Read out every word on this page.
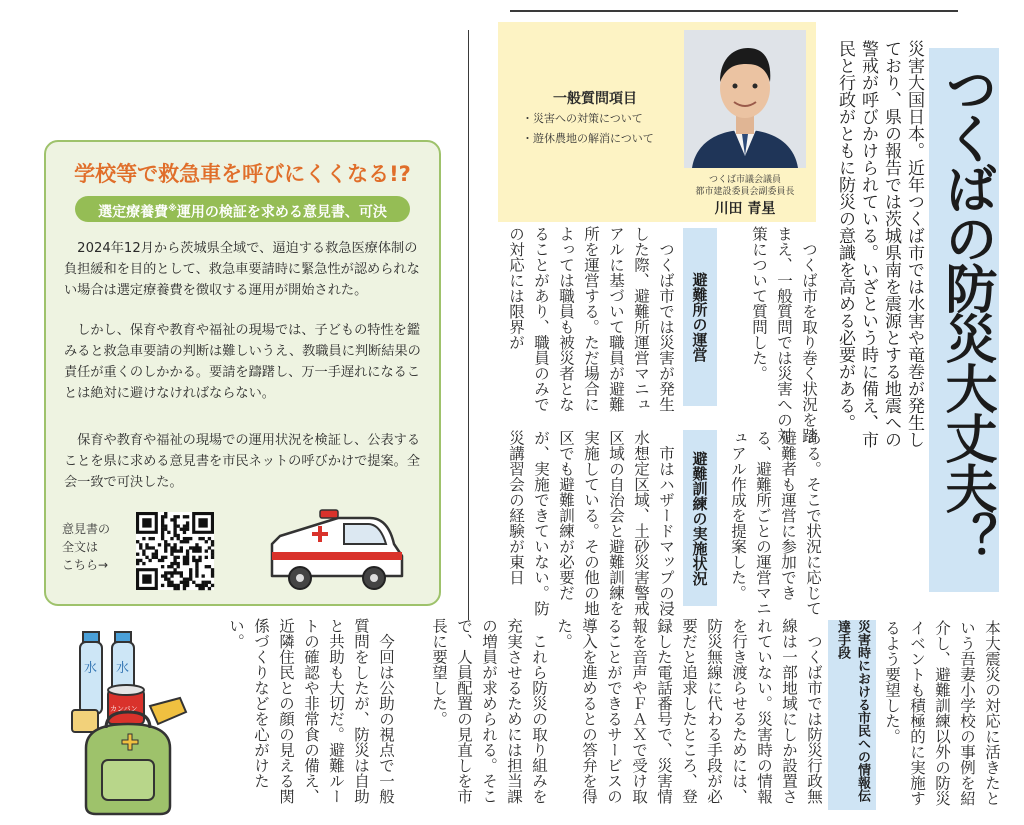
つくばの防災大丈夫？
災害大国日本。近年つくば市では水害や竜巻が発生しており、県の報告では茨城県南を震源とする地震への警戒が呼びかけられている。いざという時に備え、市民と行政がともに防災の意識を高める必要がある。
一般質問項目
・災害への対策について
・遊休農地の解消について
つくば市議会議員
都市建設委員会副委員長
川田 青星
　つくば市を取り巻く状況を踏まえ、一般質問では災害への対策について質問した。
避難所の運営
　つくば市では災害が発生した際、避難所運営マニュアルに基づいて職員が避難所を運営する。ただ場合によっては職員も被災者となることがあり、職員のみでの対応には限界が
ある。そこで状況に応じて避難者も運営に参加できる、避難所ごとの運営マニュアル作成を提案した。
避難訓練の実施状況
　市はハザードマップの浸水想定区域、土砂災害警戒区域の自治会と避難訓練を実施している。その他の地区でも避難訓練が必要だが、実施できていない。防災講習会の経験が東日
本大震災の対応に活きたという吾妻小学校の事例を紹介し、避難訓練以外の防災イベントも積極的に実施するよう要望した。
災害時における市民への情報伝達手段
　つくば市では防災行政無線は一部地域にしか設置されていない。災害時の情報を行き渡らせるためには、防災無線に代わる手段が必要だと追求したところ、登録した電話番号で、災害情報を音声やＦＡＸで受け取ることができるサービスの導入を進めるとの答弁を得た。
　これら防災の取り組みを充実させるためには担当課の増員が求められる。そこで、人員配置の見直しを市長に要望した。
　今回は公助の視点で一般質問をしたが、防災は自助と共助も大切だ。避難ルートの確認や非常食の備え、近隣住民との顔の見える関係づくりなどを心がけたい。
学校等で救急車を呼びにくくなる!?
選定療養費※運用の検証を求める意見書、可決
　2024年12月から茨城県全域で、逼迫する救急医療体制の負担緩和を目的として、救急車要請時に緊急性が認められない場合は選定療養費を徴収する運用が開始された。
　しかし、保育や教育や福祉の現場では、子どもの特性を鑑みると救急車要請の判断は難しいうえ、教職員に判断結果の責任が重くのしかかる。要請を躊躇し、万一手遅れになることは絶対に避けなければならない。
　保育や教育や福祉の現場での運用状況を検証し、公表することを県に求める意見書を市民ネットの呼びかけで提案。全会一致で可決した。
意見書の
全文は
こちら→
水 水
カンパン
